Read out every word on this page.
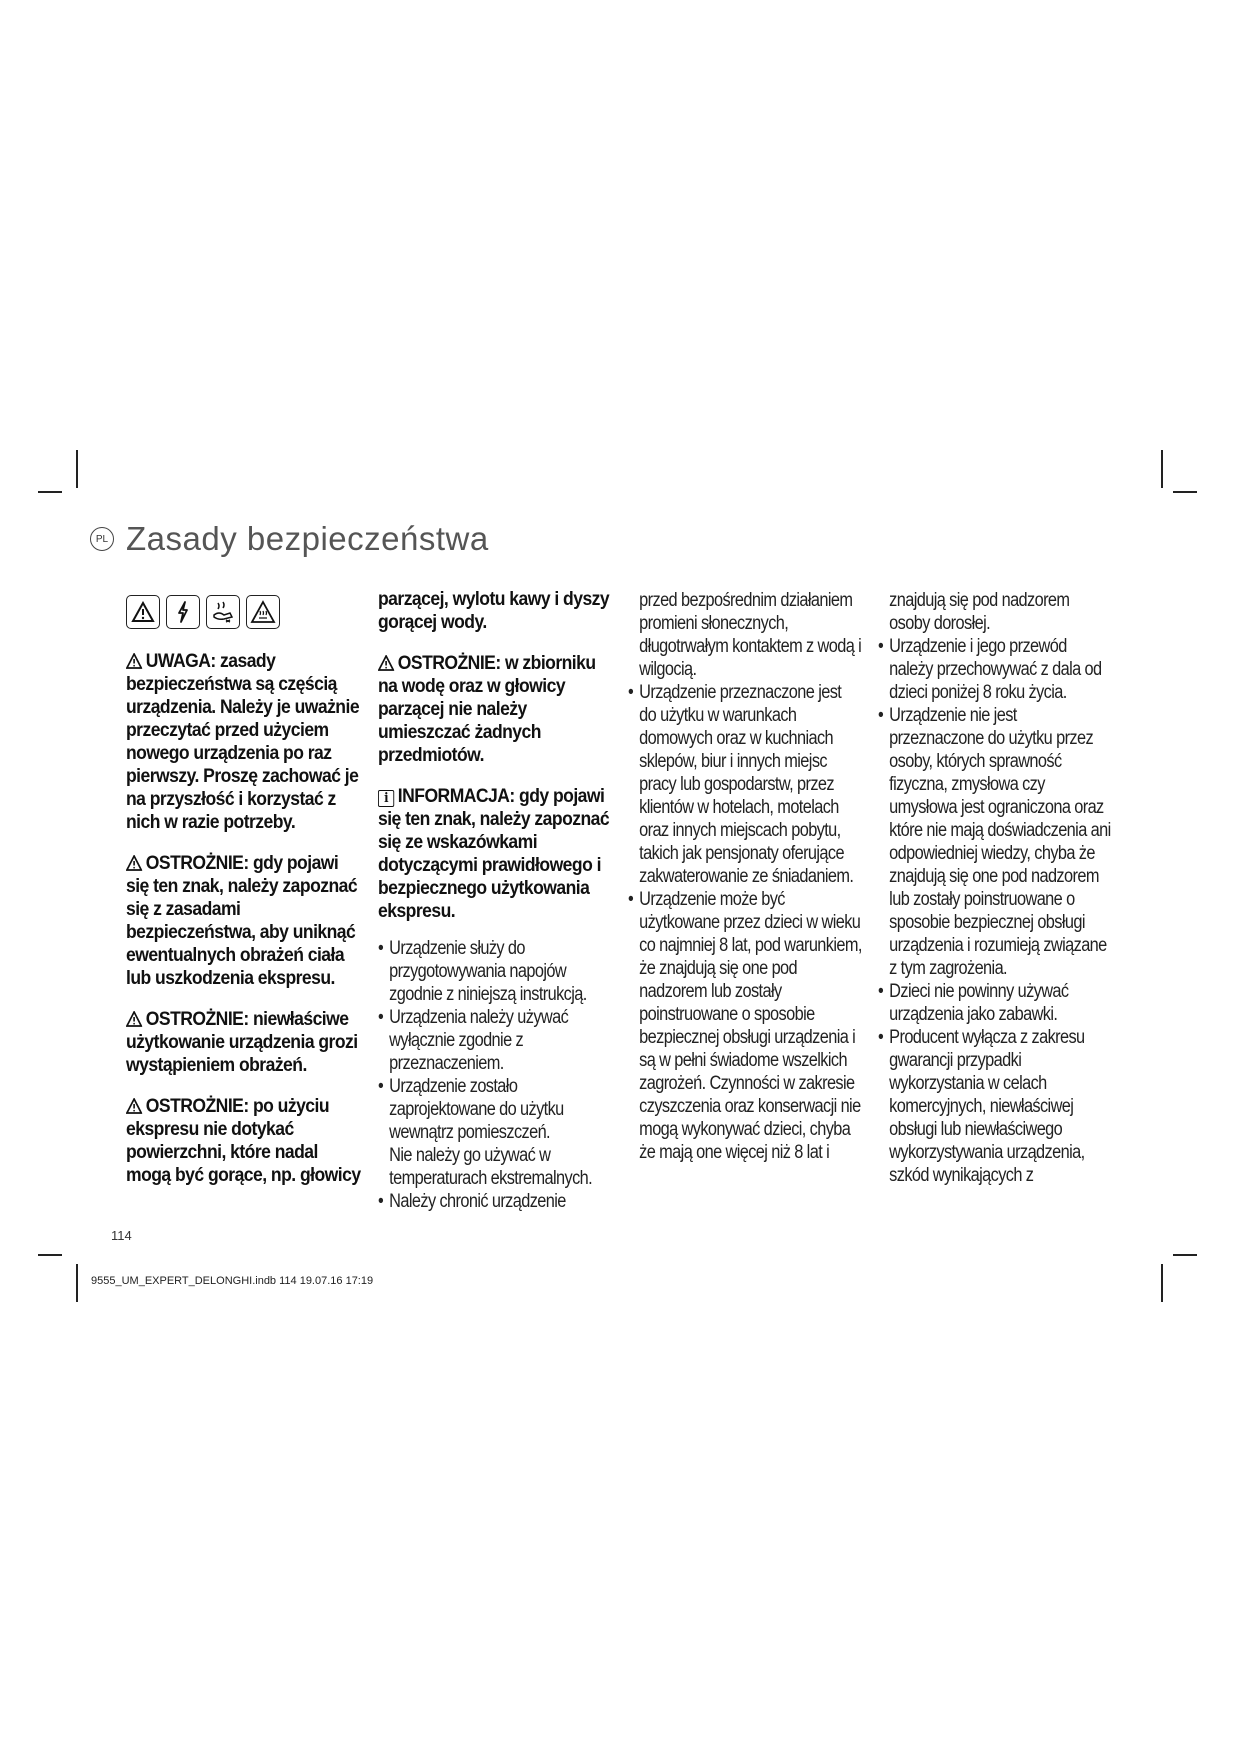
PL Zasady bezpieczeństwa

UWAGA: zasady bezpieczeństwa są częścią urządzenia. Należy je uważnie przeczytać przed użyciem nowego urządzenia po raz pierwszy. Proszę zachować je na przyszłość i korzystać z nich w razie potrzeby.

OSTROŻNIE: gdy pojawi się ten znak, należy zapoznać się z zasadami bezpieczeństwa, aby uniknąć ewentualnych obrażeń ciała lub uszkodzenia ekspresu.

OSTROŻNIE: niewłaściwe użytkowanie urządzenia grozi wystąpieniem obrażeń.

OSTROŻNIE: po użyciu ekspresu nie dotykać powierzchni, które nadal mogą być gorące, np. głowicy

parzącej, wylotu kawy i dyszy gorącej wody.

OSTROŻNIE: w zbiorniku na wodę oraz w głowicy parzącej nie należy umieszczać żadnych przedmiotów.

i INFORMACJA: gdy pojawi się ten znak, należy zapoznać się ze wskazówkami dotyczącymi prawidłowego i bezpiecznego użytkowania ekspresu.

• Urządzenie służy do przygotowywania napojów zgodnie z niniejszą instrukcją.

• Urządzenia należy używać wyłącznie zgodnie z przeznaczeniem.

• Urządzenie zostało zaprojektowane do użytku wewnątrz pomieszczeń.

Nie należy go używać w temperaturach ekstremalnych.

• Należy chronić urządzenie

przed bezpośrednim działaniem promieni słonecznych, długotrwałym kontaktem z wodą i wilgocią.

• Urządzenie przeznaczone jest do użytku w warunkach domowych oraz w kuchniach sklepów, biur i innych miejsc pracy lub gospodarstw, przez klientów w hotelach, motelach oraz innych miejscach pobytu, takich jak pensjonaty oferujące zakwaterowanie ze śniadaniem.

• Urządzenie może być użytkowane przez dzieci w wieku co najmniej 8 lat, pod warunkiem, że znajdują się one pod nadzorem lub zostały poinstruowane o sposobie bezpiecznej obsługi urządzenia i są w pełni świadome wszelkich zagrożeń. Czynności w zakresie czyszczenia oraz konserwacji nie mogą wykonywać dzieci, chyba że mają one więcej niż 8 lat i

znajdują się pod nadzorem osoby dorosłej.

• Urządzenie i jego przewód należy przechowywać z dala od dzieci poniżej 8 roku życia.

• Urządzenie nie jest przeznaczone do użytku przez osoby, których sprawność fizyczna, zmysłowa czy umysłowa jest ograniczona oraz które nie mają doświadczenia ani odpowiedniej wiedzy, chyba że znajdują się one pod nadzorem lub zostały poinstruowane o sposobie bezpiecznej obsługi urządzenia i rozumieją związane z tym zagrożenia.

• Dzieci nie powinny używać urządzenia jako zabawki.

• Producent wyłącza z zakresu gwarancji przypadki wykorzystania w celach komercyjnych, niewłaściwej obsługi lub niewłaściwego wykorzystywania urządzenia, szkód wynikających z

114
9555_UM_EXPERT_DELONGHI.indb 114 19.07.16 17:19
